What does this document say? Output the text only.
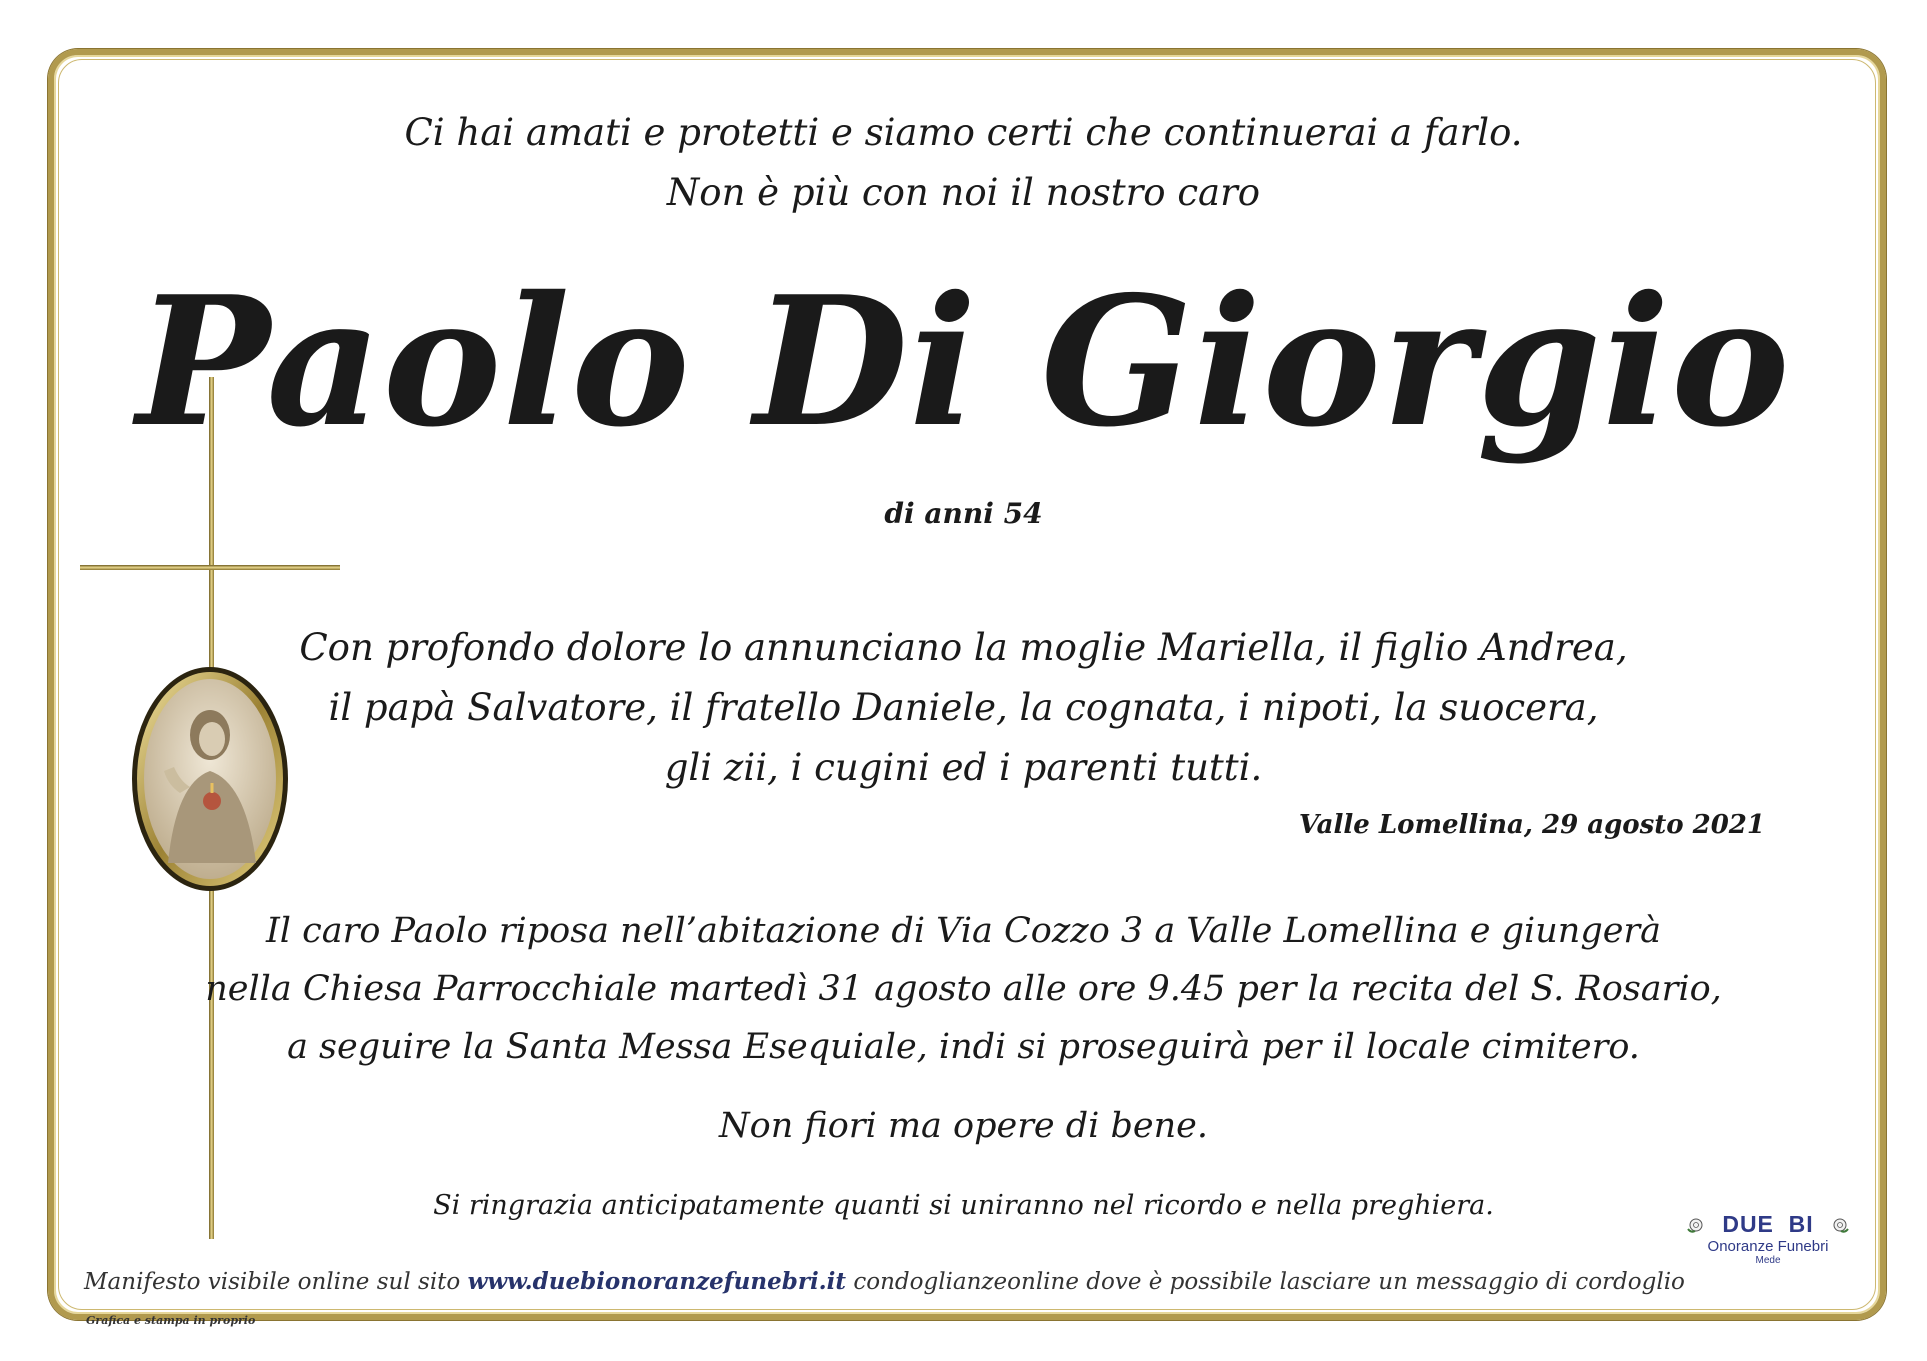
Ci hai amati e protetti e siamo certi che continuerai a farlo.
Non è più con noi il nostro caro
Paolo Di Giorgio
di anni 54
Con profondo dolore lo annunciano la moglie Mariella, il figlio Andrea,
il papà Salvatore, il fratello Daniele, la cognata, i nipoti, la suocera,
gli zii, i cugini ed i parenti tutti.
Valle Lomellina, 29 agosto 2021
Il caro Paolo riposa nell’abitazione di Via Cozzo 3 a Valle Lomellina e giungerà
nella Chiesa Parrocchiale martedì 31 agosto alle ore 9.45 per la recita del S. Rosario,
a seguire la Santa Messa Esequiale, indi si proseguirà per il locale cimitero.
Non fiori ma opere di bene.
Si ringrazia anticipatamente quanti si uniranno nel ricordo e nella preghiera.
Manifesto visibile online sul sito www.duebionoranzefunebri.it condoglianzeonline dove è possibile lasciare un messaggio di cordoglio
Grafica e stampa in proprio
DUE  BI
Onoranze Funebri
Mede
